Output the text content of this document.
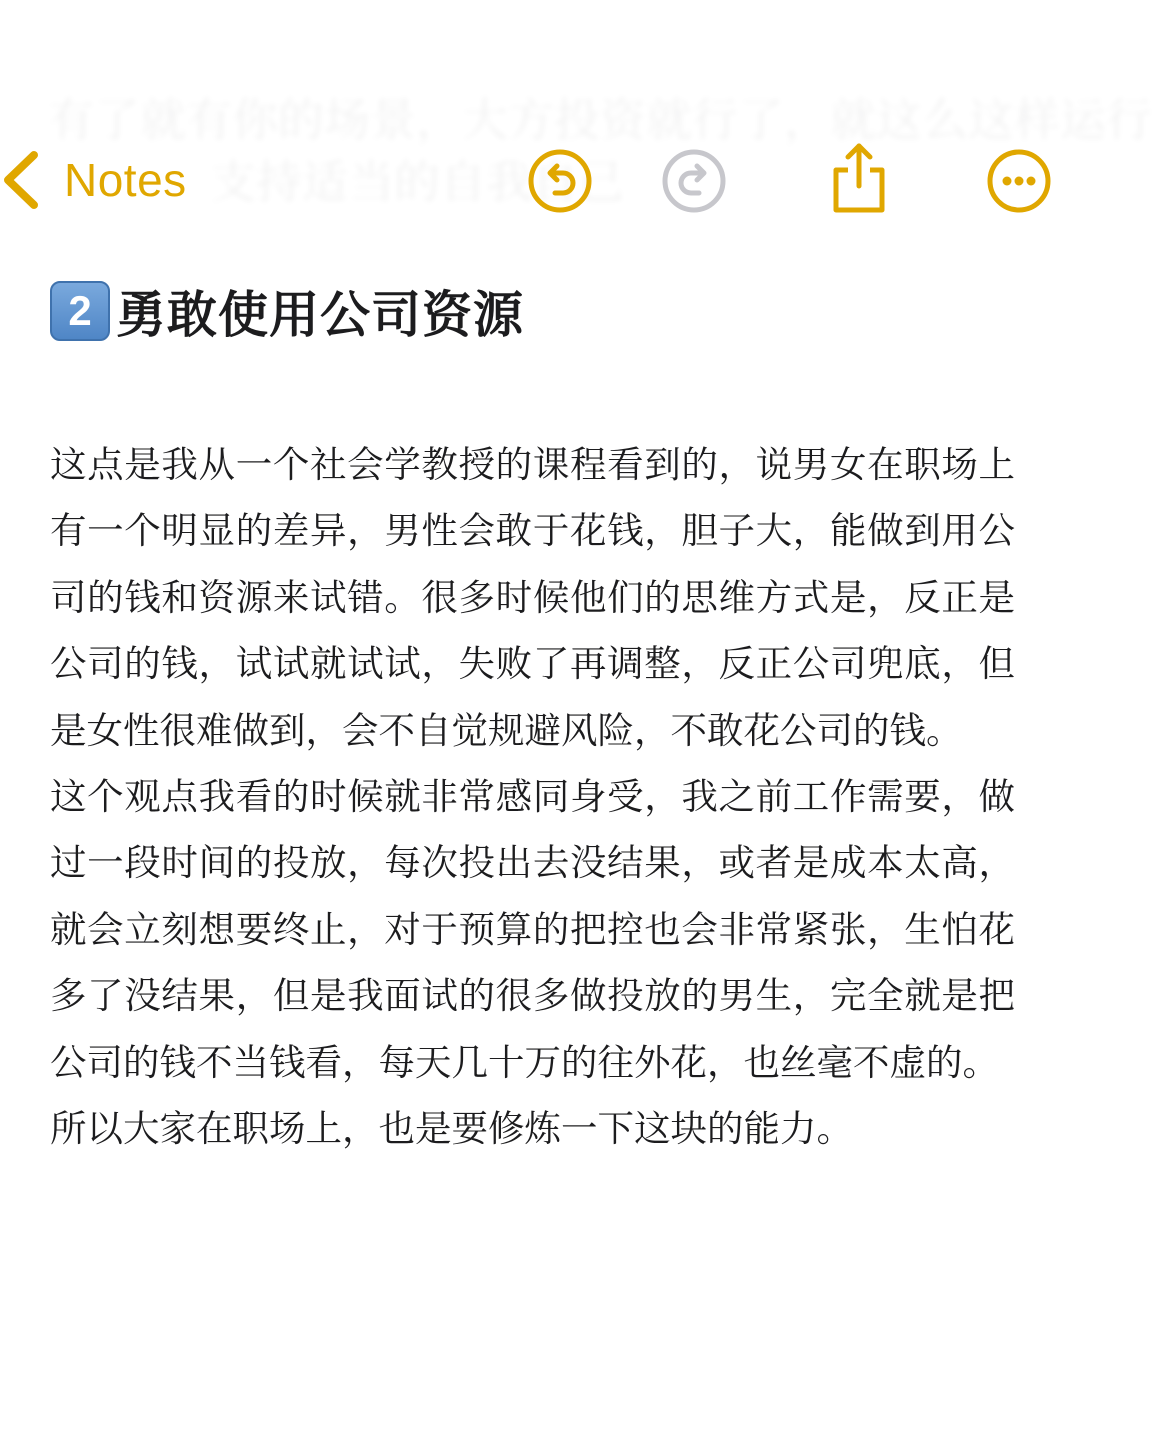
有了就有你的场景，大方投资就行了，就这么这样运行
支持适当的自我自己
Notes
2 勇敢使用公司资源

这点是我从一个社会学教授的课程看到的，说男女在职场上有一个明显的差异，男性会敢于花钱，胆子大，能做到用公司的钱和资源来试错。很多时候他们的思维方式是，反正是公司的钱，试试就试试，失败了再调整，反正公司兜底，但是女性很难做到，会不自觉规避风险，不敢花公司的钱。

这个观点我看的时候就非常感同身受，我之前工作需要，做过一段时间的投放，每次投出去没结果，或者是成本太高，就会立刻想要终止，对于预算的把控也会非常紧张，生怕花多了没结果，但是我面试的很多做投放的男生，完全就是把公司的钱不当钱看，每天几十万的往外花，也丝毫不虚的。

所以大家在职场上，也是要修炼一下这块的能力。
